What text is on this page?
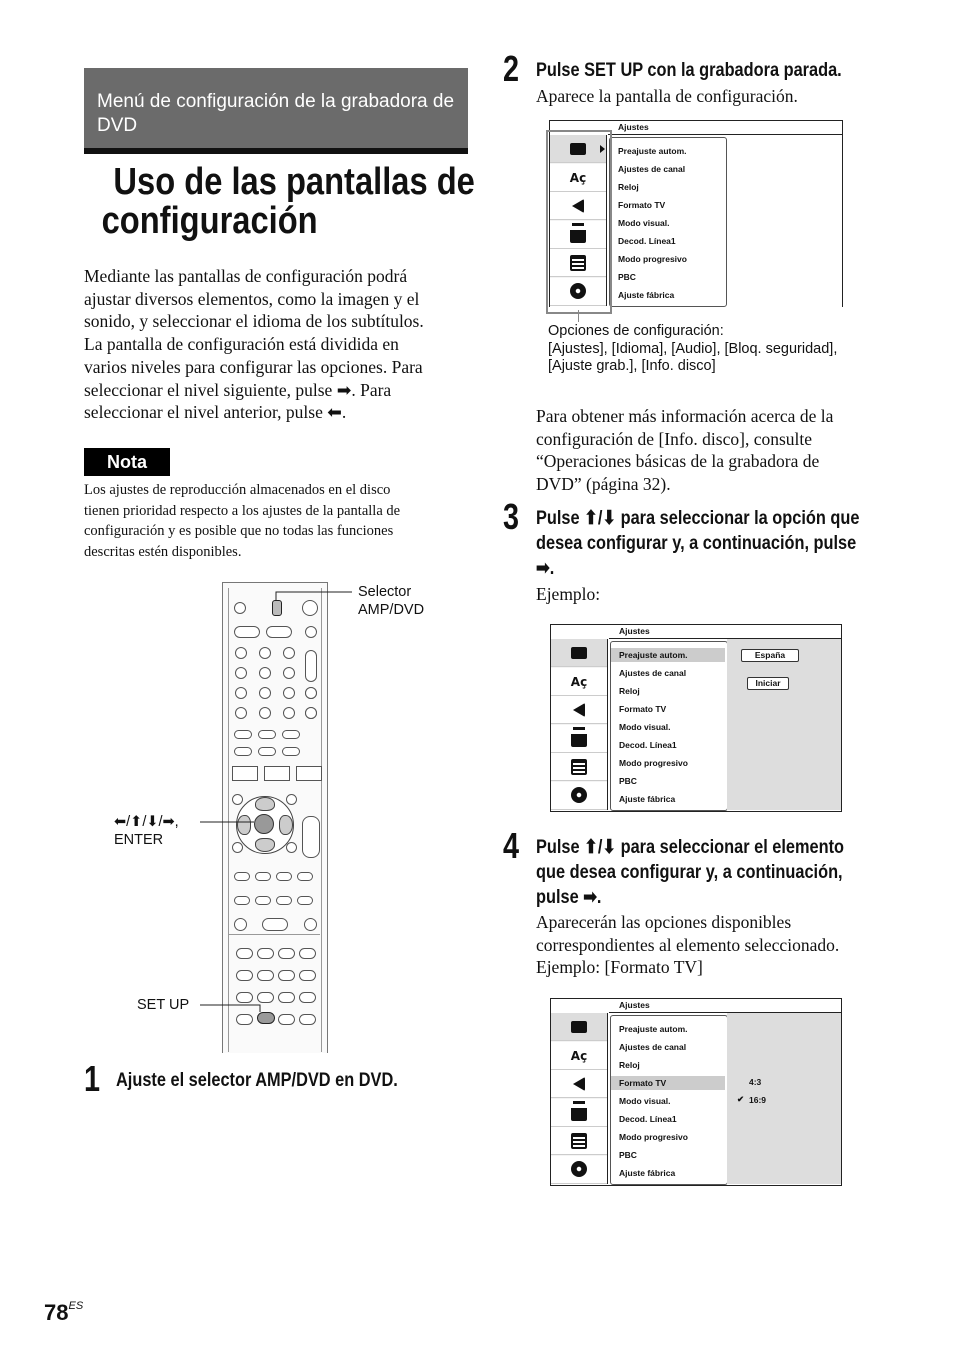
Menú de configuración de la grabadora de DVD
Uso de las pantallas de
configuración
Mediante las pantallas de configuración podrá
ajustar diversos elementos, como la imagen y el
sonido, y seleccionar el idioma de los subtítulos.
La pantalla de configuración está dividida en
varios niveles para configurar las opciones. Para
seleccionar el nivel siguiente, pulse ➡. Para
seleccionar el nivel anterior, pulse ⬅.
Nota
Los ajustes de reproducción almacenados en el disco
tienen prioridad respecto a los ajustes de la pantalla de
configuración y es posible que no todas las funciones
descritas estén disponibles.
Selector
AMP/DVD
⬅/⬆/⬇/➡,
ENTER
SET UP
1 Ajuste el selector AMP/DVD en DVD.
2 Pulse SET UP con la grabadora parada.
Aparece la pantalla de configuración.
Ajustes
Aç
Preajuste autom.
Ajustes de canal
Reloj
Formato TV
Modo visual.
Decod. Línea1
Modo progresivo
PBC
Ajuste fábrica
Opciones de configuración:
[Ajustes], [Idioma], [Audio], [Bloq. seguridad],
[Ajuste grab.], [Info. disco]
Para obtener más información acerca de la
configuración de [Info. disco], consulte
“Operaciones básicas de la grabadora de
DVD” (página 32).
3 Pulse ⬆/⬇ para seleccionar la opción que
desea configurar y, a continuación, pulse
➡.
Ejemplo:
Ajustes
Aç
Preajuste autom.
Ajustes de canal
Reloj
Formato TV
Modo visual.
Decod. Línea1
Modo progresivo
PBC
Ajuste fábrica
España
Iniciar
4 Pulse ⬆/⬇ para seleccionar el elemento
que desea configurar y, a continuación,
pulse ➡.
Aparecerán las opciones disponibles
correspondientes al elemento seleccionado.
Ejemplo: [Formato TV]
Ajustes
Aç
Preajuste autom.
Ajustes de canal
Reloj
Formato TV
Modo visual.
Decod. Línea1
Modo progresivo
PBC
Ajuste fábrica
4:3
✔ 16:9
$78^{ES}$
